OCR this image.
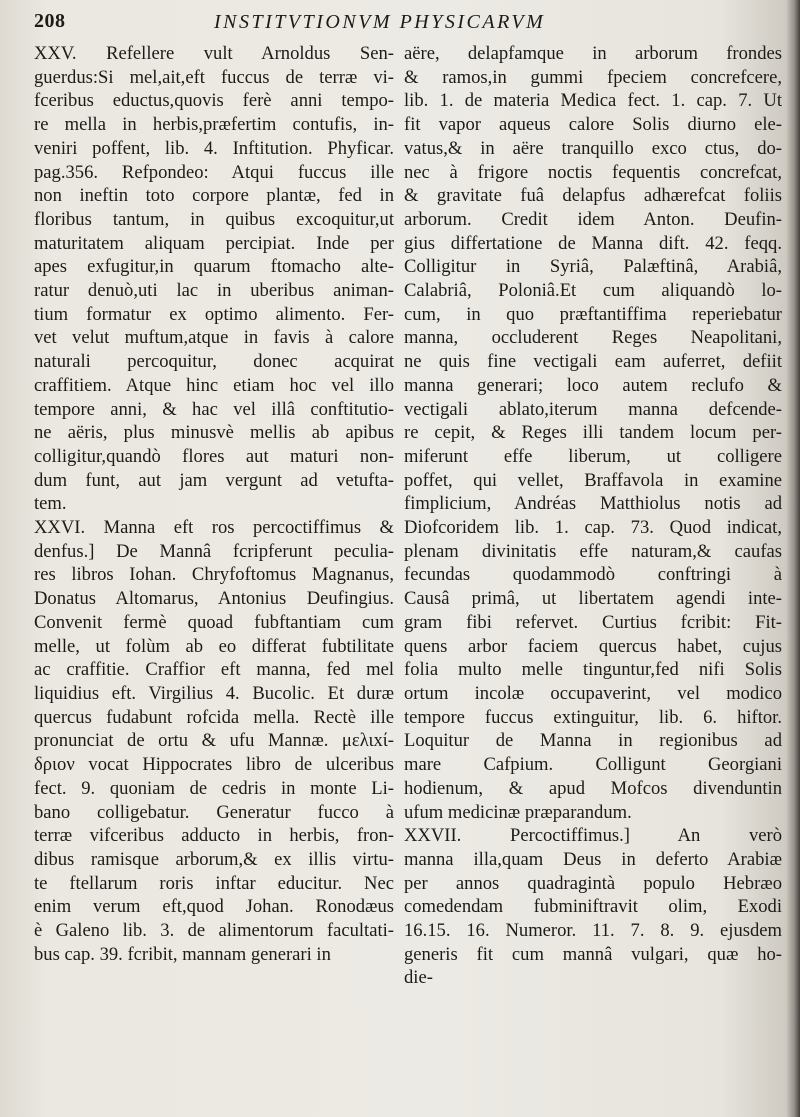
208	INSTITVTIONVM PHYSICARVM
XXV. Refellere vult Arnoldus Sen-
guerdus:Si mel,ait,eft fuccus de terræ vi-
fceribus eductus,quovis ferè anni tempo-
re mella in herbis,præfertim contufis, in-
veniri poffent, lib. 4. Inftitution. Phyficar.
pag.356. Refpondeo: Atqui fuccus ille
non ineftin toto corpore plantæ, fed in
floribus tantum, in quibus excoquitur,ut
maturitatem aliquam percipiat. Inde per
apes exfugitur,in quarum ftomacho alte-
ratur denuò,uti lac in uberibus animan-
tium formatur ex optimo alimento. Fer-
vet velut muftum,atque in favis à calore
naturali percoquitur, donec acquirat
craffitiem. Atque hinc etiam hoc vel illo
tempore anni, & hac vel illâ conftitutio-
ne aëris, plus minusvè mellis ab apibus
colligitur,quandò flores aut maturi non-
dum funt, aut jam vergunt ad vetufta-
tem.
XXVI. Manna eft ros percoctiffimus &
denfus.] De Mannâ fcripferunt peculia-
res libros Iohan. Chryfoftomus Magnanus,
Donatus Altomarus, Antonius Deufingius.
Convenit fermè quoad fubftantiam cum
melle, ut folùm ab eo differat fubtilitate
ac craffitie. Craffior eft manna, fed mel
liquidius eft. Virgilius 4. Bucolic. Et duræ
quercus fudabunt rofcida mella. Rectè ille
pronunciat de ortu & ufu Mannæ. μελιxί-
δριον vocat Hippocrates libro de ulceribus
fect. 9. quoniam de cedris in monte Li-
bano colligebatur. Generatur fucco à
terræ vifceribus adducto in herbis, fron-
dibus ramisque arborum,& ex illis virtu-
te ftellarum roris inftar educitur. Nec
enim verum eft,quod Johan. Ronodæus
è Galeno lib. 3. de alimentorum facultati-
bus cap. 39. fcribit, mannam generari in
aëre, delapfamque in arborum frondes
& ramos,in gummi fpeciem concrefcere,
lib. 1. de materia Medica fect. 1. cap. 7. Ut
fit vapor aqueus calore Solis diurno ele-
vatus,& in aëre tranquillo exco ctus, do-
nec à frigore noctis fequentis concrefcat,
& gravitate fuâ delapfus adhærefcat foliis
arborum. Credit idem Anton. Deufin-
gius differtatione de Manna dift. 42. feqq.
Colligitur in Syriâ, Palæftinâ, Arabiâ,
Calabriâ, Poloniâ.Et cum aliquandò lo-
cum, in quo præftantiffima reperiebatur
manna, occluderent Reges Neapolitani,
ne quis fine vectigali eam auferret, defiit
manna generari; loco autem reclufo &
vectigali ablato,iterum manna defcende-
re cepit, & Reges illi tandem locum per-
miferunt effe liberum, ut colligere
poffet, qui vellet, Braffavola in examine
fimplicium, Andréas Matthiolus notis ad
Diofcoridem lib. 1. cap. 73. Quod indicat,
plenam divinitatis effe naturam,& caufas
fecundas quodammodò conftringi à
Causâ primâ, ut libertatem agendi inte-
gram fibi refervet. Curtius fcribit: Fit-
quens arbor faciem quercus habet, cujus
folia multo melle tinguntur,fed nifi Solis
ortum incolæ occupaverint, vel modico
tempore fuccus extinguitur, lib. 6. hiftor.
Loquitur de Manna in regionibus ad
mare Cafpium. Colligunt Georgiani
hodienum, & apud Mofcos divenduntin
ufum medicinæ præparandum.
XXVII. Percoctiffimus.] An verò
manna illa,quam Deus in deferto Arabiæ
per annos quadragintà populo Hebræo
comedendam fubminiftravit olim, Exodi
16.15. 16. Numeror. 11. 7. 8. 9. ejusdem
generis fit cum mannâ vulgari, quæ ho-
die-
